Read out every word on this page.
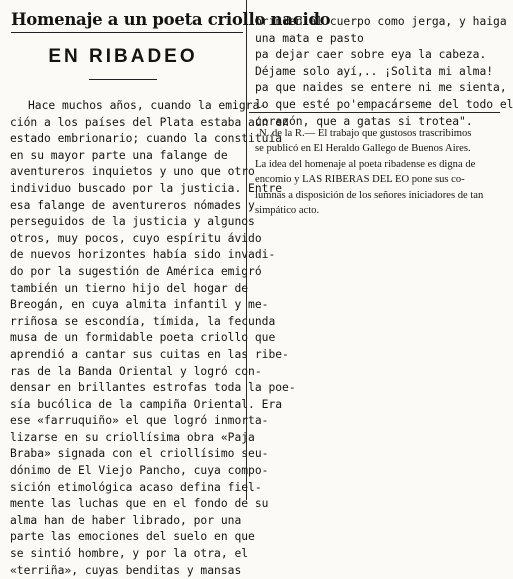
Homenaje a un poeta criollo nacido
EN RIBADEO
Hace muchos años, cuando la emigra-
ción a los países del Plata estaba aún en
estado embrionario; cuando la constituía
en su mayor parte una falange de
aventureros inquietos y uno que otro
individuo buscado por la justicia. Entre
esa falange de aventureros nómades y
perseguidos de la justicia y algunos
otros, muy pocos, cuyo espíritu ávido
de nuevos horizontes había sido invadi-
do por la sugestión de América emigró
también un tierno hijo del hogar de
Breogán, en cuya almita infantil y me-
rriñosa se escondía, tímida, la fecunda
musa de un formidable poeta criollo que
aprendió a cantar sus cuitas en las ribe-
ras de la Banda Oriental y logró con-
densar en brillantes estrofas toda la poe-
sía bucólica de la campiña Oriental. Era
ese «farruquiño» el que logró inmorta-
lizarse en su criollísima obra «Paja
Braba» signada con el criollísimo seu-
dónimo de El Viejo Pancho, cuya compo-
sición etimológica acaso defina fiel-
mente las luchas que en el fondo de su
alma han de haber librado, por una
parte las emociones del suelo en que
se sintió hombre, y por la otra, el
«terriña», cuyas benditas y mansas
brinden al cuerpo como jerga, y haiga
una mata e pasto
pa dejar caer sobre eya la cabeza.
Déjame solo ayí,.. ¡Solita mi alma!
pa que naides se entere ni me sienta,
lo que esté po'empacárseme del todo el
corazón, que a gatas si trotea".
N. de la R.— El trabajo que gustosos trascribimos
se publicó en El Heraldo Gallego de Buenos Aires.
La idea del homenaje al poeta ribadense es digna de
encomio y LAS RIBERAS DEL EO pone sus co-
lumnas a disposición de los señores iniciadores de tan
simpático acto.
